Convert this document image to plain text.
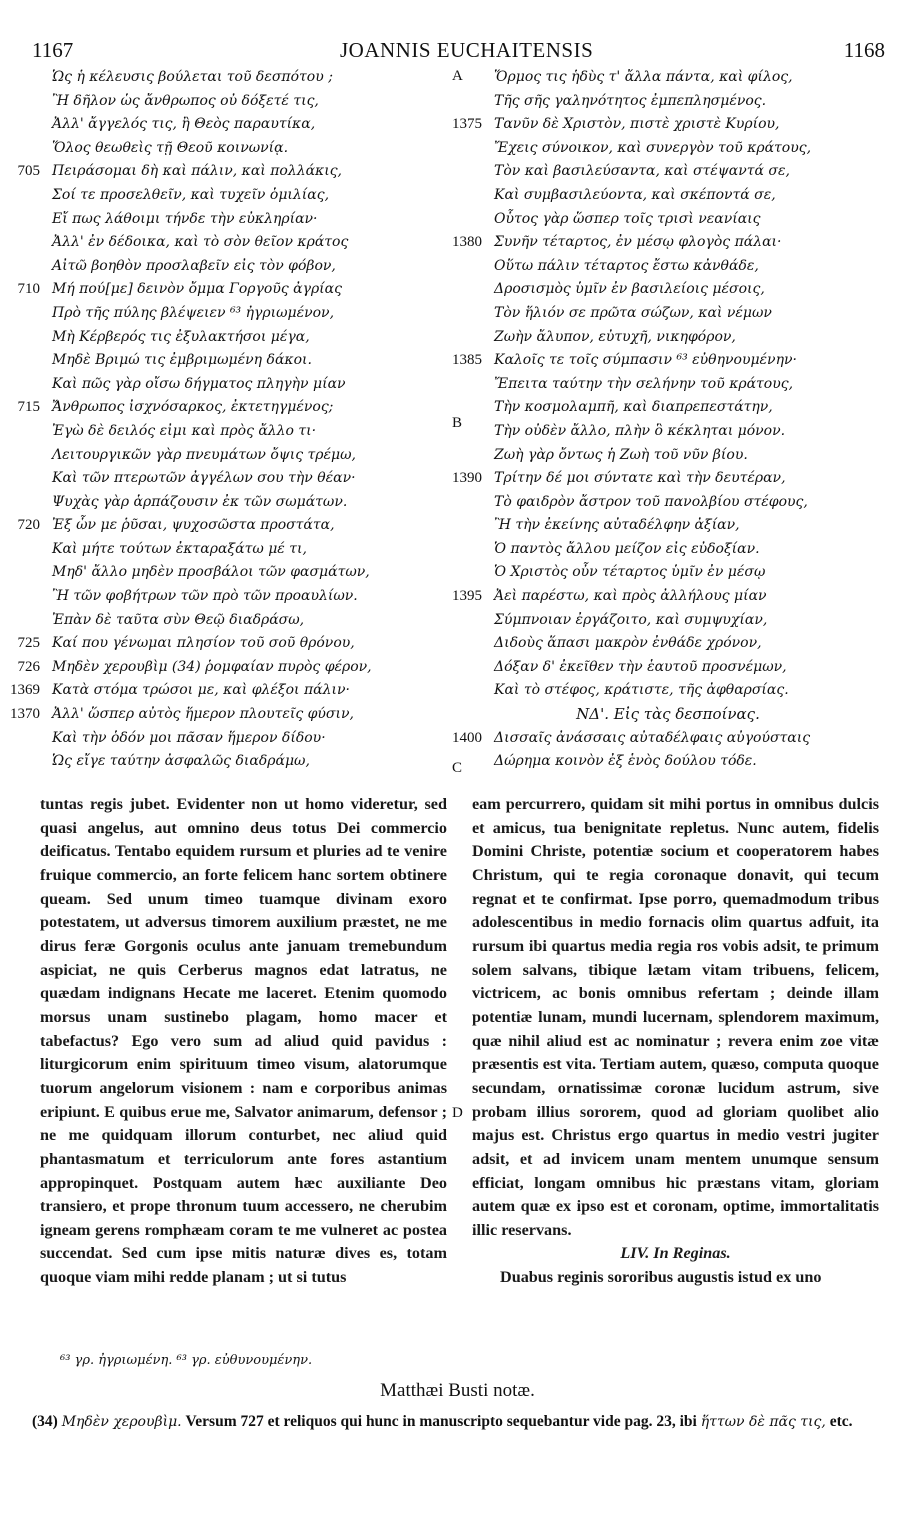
1167	JOANNIS EUCHAITENSIS	1168
Ὡς ἡ κέλευσις βούλεται τοῦ δεσπότου ;
Ἢ δῆλον ὡς ἄνθρωπος οὐ δόξετέ τις,
Ἀλλ' ἄγγελός τις, ἢ Θεὸς παραυτίκα,
Ὅλος θεωθεὶς τῇ Θεοῦ κοινωνίᾳ.
705 Πειράσομαι δὴ καὶ πάλιν, καὶ πολλάκις,
Σοί τε προσελθεῖν, καὶ τυχεῖν ὁμιλίας,
Εἴ πως λάθοιμι τήνδε τὴν εὐκληρίαν·
Ἀλλ' ἐν δέδοικα, καὶ τὸ σὸν θεῖον κράτος
Αἰτῶ βοηθὸν προσλαβεῖν εἰς τὸν φόβον,
710 Μή πού[με] δεινὸν ὄμμα Γοργοῦς ἀγρίας
Πρὸ τῆς πύλης βλέψειεν ⁶³ ἠγριωμένον,
Μὴ Κέρβερός τις ἐξυλακτήσοι μέγα,
Μηδὲ Βριμώ τις ἐμβριμωμένη δάκοι.
Καὶ πῶς γὰρ οἴσω δήγματος πληγὴν μίαν
715 Ἄνθρωπος ἰσχνόσαρκος, ἐκτετηγμένος;
Ἐγὼ δὲ δειλός εἰμι καὶ πρὸς ἄλλο τι·
Λειτουργικῶν γὰρ πνευμάτων ὄψις τρέμω,
Καὶ τῶν πτερωτῶν ἀγγέλων σου τὴν θέαν·
Ψυχὰς γὰρ ἁρπάζουσιν ἐκ τῶν σωμάτων.
720 Ἐξ ὧν με ῥῦσαι, ψυχοσῶστα προστάτα,
Καὶ μήτε τούτων ἐκταραξάτω μέ τι,
Μηδ' ἄλλο μηδὲν προσβάλοι τῶν φασμάτων,
Ἢ τῶν φοβήτρων τῶν πρὸ τῶν προαυλίων.
Ἐπὰν δὲ ταῦτα σὺν Θεῷ διαδράσω,
725 Καί που γένωμαι πλησίον τοῦ σοῦ θρόνου,
726 Μηδὲν χερουβὶμ (34) ῥομφαίαν πυρὸς φέρον,
1369 Κατὰ στόμα τρώσοι με, καὶ φλέξοι πάλιν·
1370 Ἀλλ' ὥσπερ αὐτὸς ἥμερον πλουτεῖς φύσιν,
Καὶ τὴν ὁδόν μοι πᾶσαν ἥμερον δίδου·
Ὡς εἴγε ταύτην ἀσφαλῶς διαδράμω,
Ὅρμος τις ἡδὺς τ' ἄλλα πάντα, καὶ φίλος,
Τῆς σῆς γαληνότητος ἐμπεπλησμένος.
1375 Τανῦν δὲ Χριστὸν, πιστὲ χριστὲ Κυρίου,
Ἔχεις σύνοικον, καὶ συνεργὸν τοῦ κράτους,
Τὸν καὶ βασιλεύσαντα, καὶ στέψαντά σε,
Καὶ συμβασιλεύοντα, καὶ σκέποντά σε,
Οὗτος γὰρ ὥσπερ τοῖς τρισὶ νεανίαις
1380 Συνῆν τέταρτος, ἐν μέσῳ φλογὸς πάλαι·
Οὕτω πάλιν τέταρτος ἔστω κἀνθάδε,
Δροσισμὸς ὑμῖν ἐν βασιλείοις μέσοις,
Τὸν ἥλιόν σε πρῶτα σώζων, καὶ νέμων
Ζωὴν ἄλυπον, εὐτυχῆ, νικηφόρον,
1385 Καλοῖς τε τοῖς σύμπασιν ⁶³ εὐθηνουμένην·
Ἔπειτα ταύτην τὴν σελήνην τοῦ κράτους,
Τὴν κοσμολαμπῆ, καὶ διαπρεπεστάτην,
Τὴν οὐδὲν ἄλλο, πλὴν ὃ κέκληται μόνον.
Ζωὴ γὰρ ὄντως ἡ Ζωὴ τοῦ νῦν βίου.
1390 Τρίτην δέ μοι σύντατε καὶ τὴν δευτέραν,
Τὸ φαιδρὸν ἄστρον τοῦ πανολβίου στέφους,
Ἢ τὴν ἐκείνης αὐταδέλφην ἀξίαν,
Ὁ παντὸς ἄλλου μείζον εἰς εὐδοξίαν.
Ὁ Χριστὸς οὖν τέταρτος ὑμῖν ἐν μέσῳ
1395 Ἀεὶ παρέστω, καὶ πρὸς ἀλλήλους μίαν
Σύμπνοιαν ἐργάζοιτο, καὶ συμψυχίαν,
Διδοὺς ἅπασι μακρὸν ἐνθάδε χρόνον,
Δόξαν δ' ἐκεῖθεν τὴν ἑαυτοῦ προσνέμων,
Καὶ τὸ στέφος, κράτιστε, τῆς ἀφθαρσίας.
ΝΔ'. Εἰς τὰς δεσποίνας.
1400 Δισσαῖς ἀνάσσαις αὐταδέλφαις αὐγούσταις
Δώρημα κοινὸν ἐξ ἑνὸς δούλου τόδε.
A
B
C
D

tuntas regis jubet. Evidenter non ut homo videretur, sed quasi angelus, aut omnino deus totus Dei commercio deificatus. Tentabo equidem rursum et pluries ad te venire fruique commercio, an forte felicem hanc sortem obtinere queam. Sed unum timeo tuamque divinam exoro potestatem, ut adversus timorem auxilium præstet, ne me dirus feræ Gorgonis oculus ante januam tremebundum aspiciat, ne quis Cerberus magnos edat latratus, ne quædam indignans Hecate me laceret. Etenim quomodo morsus unam sustinebo plagam, homo macer et tabefactus? Ego vero sum ad aliud quid pavidus : liturgicorum enim spirituum timeo visum, alatorumque tuorum angelorum visionem : nam e corporibus animas eripiunt. E quibus erue me, Salvator animarum, defensor ; ne me quidquam illorum conturbet, nec aliud quid phantasmatum et terriculorum ante fores astantium appropinquet. Postquam autem hæc auxiliante Deo transiero, et prope thronum tuum accessero, ne cherubim igneam gerens romphæam coram te me vulneret ac postea succendat. Sed cum ipse mitis naturæ dives es, totam quoque viam mihi redde planam ; ut si tutus

eam percurrero, quidam sit mihi portus in omnibus dulcis et amicus, tua benignitate repletus. Nunc autem, fidelis Domini Christe, potentiæ socium et cooperatorem habes Christum, qui te regia coronaque donavit, qui tecum regnat et te confirmat. Ipse porro, quemadmodum tribus adolescentibus in medio fornacis olim quartus adfuit, ita rursum ibi quartus media regia ros vobis adsit, te primum solem salvans, tibique lætam vitam tribuens, felicem, victricem, ac bonis omnibus refertam ; deinde illam potentiæ lunam, mundi lucernam, splendorem maximum, quæ nihil aliud est ac nominatur ; revera enim zoe vitæ præsentis est vita. Tertiam autem, quæso, computa quoque secundam, ornatissimæ coronæ lucidum astrum, sive probam illius sororem, quod ad gloriam quolibet alio majus est. Christus ergo quartus in medio vestri jugiter adsit, et ad invicem unam mentem unumque sensum efficiat, longam omnibus hic præstans vitam, gloriam autem quæ ex ipso est et coronam, optime, immortalitatis illic reservans.

LIV. In Reginas.

Duabus reginis sororibus augustis istud ex uno

⁶³ γρ. ἠγριωμένη. ⁶³ γρ. εὐθυνουμένην.
Matthæi Busti notæ.
(34) Μηδὲν χερουβὶμ. Versum 727 et reliquos qui hunc in manuscripto sequebantur vide pag. 23, ibi ἥττων δὲ πᾶς τις, etc.
